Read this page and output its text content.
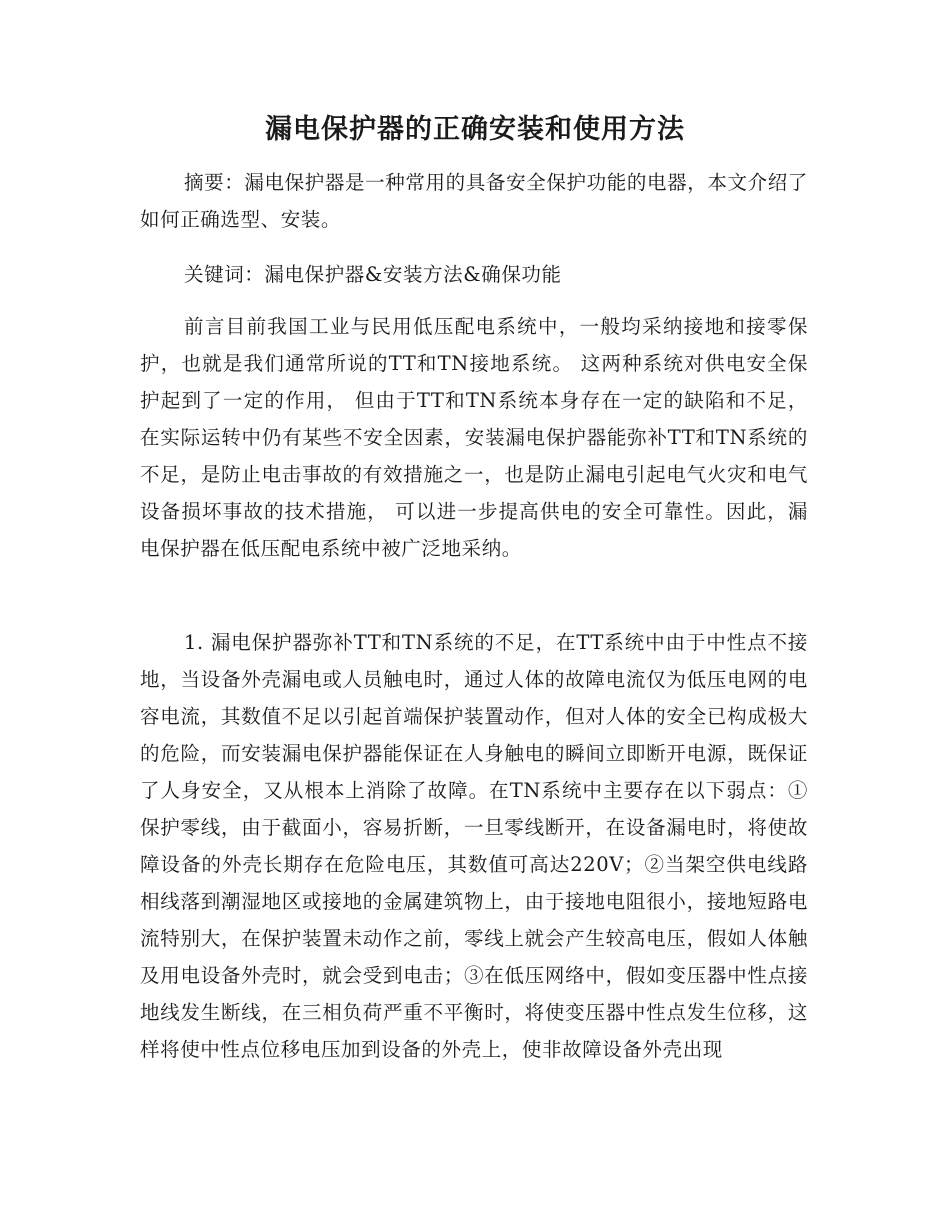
漏电保护器的正确安装和使用方法

摘要：漏电保护器是一种常用的具备安全保护功能的电器，本文介绍了如何正确选型、安装。

关键词：漏电保护器&安装方法&确保功能

前言目前我国工业与民用低压配电系统中，一般均采纳接地和接零保护，也就是我们通常所说的TT和TN接地系统。 这两种系统对供电安全保护起到了一定的作用， 但由于TT和TN系统本身存在一定的缺陷和不足，在实际运转中仍有某些不安全因素，安装漏电保护器能弥补TT和TN系统的不足，是防止电击事故的有效措施之一，也是防止漏电引起电气火灾和电气设备损坏事故的技术措施， 可以进一步提高供电的安全可靠性。因此，漏电保护器在低压配电系统中被广泛地采纳。

1. 漏电保护器弥补TT和TN系统的不足，在TT系统中由于中性点不接地，当设备外壳漏电或人员触电时，通过人体的故障电流仅为低压电网的电容电流，其数值不足以引起首端保护装置动作，但对人体的安全已构成极大的危险，而安装漏电保护器能保证在人身触电的瞬间立即断开电源，既保证了人身安全，又从根本上消除了故障。在TN系统中主要存在以下弱点：①保护零线，由于截面小，容易折断，一旦零线断开，在设备漏电时，将使故障设备的外壳长期存在危险电压，其数值可高达220V；②当架空供电线路相线落到潮湿地区或接地的金属建筑物上，由于接地电阻很小，接地短路电流特别大，在保护装置未动作之前，零线上就会产生较高电压，假如人体触及用电设备外壳时，就会受到电击；③在低压网络中，假如变压器中性点接地线发生断线，在三相负荷严重不平衡时，将使变压器中性点发生位移，这样将使中性点位移电压加到设备的外壳上，使非故障设备外壳出现
